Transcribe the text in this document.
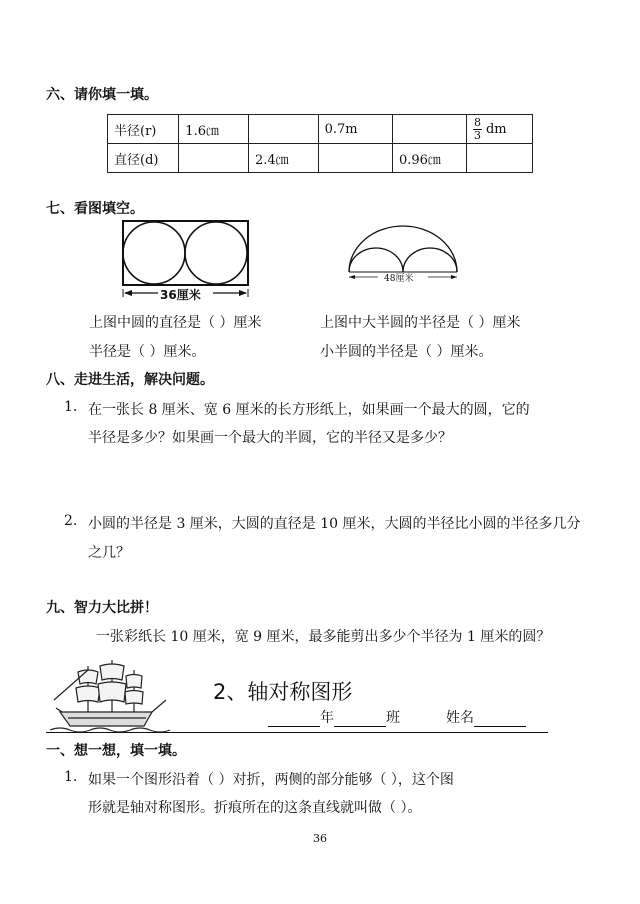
六、请你填一填。
半径(r)	1.6㎝		0.7m		$\frac{8}{3}$ dm
直径(d)		2.4㎝		0.96㎝	
七、看图填空。
36厘米
48厘米
上图中圆的直径是（ ）厘米
半径是（ ）厘米。
上图中大半圆的半径是（ ）厘米
小半圆的半径是（ ）厘米。
八、走进生活，解决问题。
1. 在一张长 8 厘米、宽 6 厘米的长方形纸上，如果画一个最大的圆，它的
半径是多少？如果画一个最大的半圆，它的半径又是多少？
2. 小圆的半径是 3 厘米，大圆的直径是 10 厘米，大圆的半径比小圆的半径多几分
之几？
九、智力大比拼！
一张彩纸长 10 厘米，宽 9 厘米，最多能剪出多少个半径为 1 厘米的圆？
2、轴对称图形
年	班	姓名
一、想一想，填一填。
1. 如果一个图形沿着（ ）对折，两侧的部分能够（ ），这个图
形就是轴对称图形。折痕所在的这条直线就叫做（ ）。
36
